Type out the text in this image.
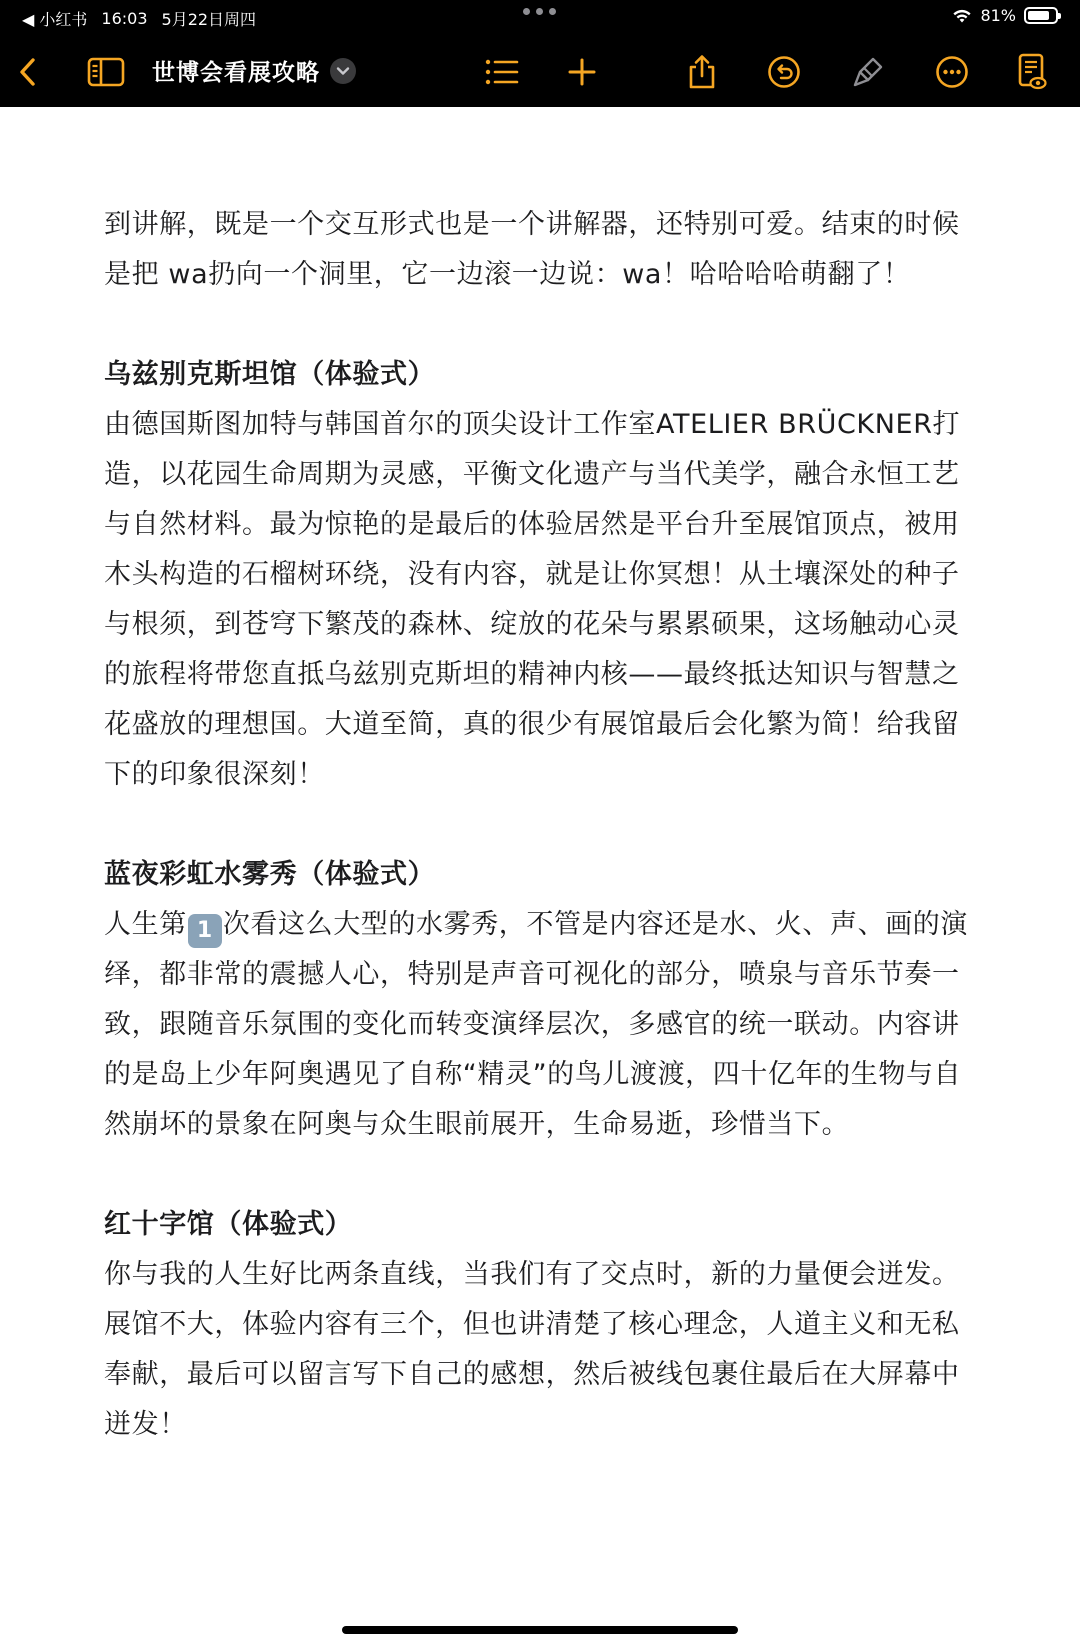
◀ 小红书 16:03 5月22日周四	81%
世博会看展攻略
到讲解，既是一个交互形式也是一个讲解器，还特别可爱。结束的时候是把 wa扔向一个洞里，它一边滚一边说：wa！哈哈哈哈萌翻了！
乌兹别克斯坦馆（体验式）
由德国斯图加特与韩国首尔的顶尖设计工作室ATELIER BRÜCKNER打造，以花园生命周期为灵感，平衡文化遗产与当代美学，融合永恒工艺与自然材料。最为惊艳的是最后的体验居然是平台升至展馆顶点，被用木头构造的石榴树环绕，没有内容，就是让你冥想！从土壤深处的种子与根须，到苍穹下繁茂的森林、绽放的花朵与累累硕果，这场触动心灵的旅程将带您直抵乌兹别克斯坦的精神内核——最终抵达知识与智慧之花盛放的理想国。大道至简，真的很少有展馆最后会化繁为简！给我留下的印象很深刻！
蓝夜彩虹水雾秀（体验式）
人生第 1 次看这么大型的水雾秀，不管是内容还是水、火、声、画的演绎，都非常的震撼人心，特别是声音可视化的部分，喷泉与音乐节奏一致，跟随音乐氛围的变化而转变演绎层次，多感官的统一联动。内容讲的是岛上少年阿奥遇见了自称“精灵”的鸟儿渡渡，四十亿年的生物与自然崩坏的景象在阿奥与众生眼前展开，生命易逝，珍惜当下。
红十字馆（体验式）
你与我的人生好比两条直线，当我们有了交点时，新的力量便会迸发。展馆不大，体验内容有三个，但也讲清楚了核心理念，人道主义和无私奉献，最后可以留言写下自己的感想，然后被线包裹住最后在大屏幕中迸发！
